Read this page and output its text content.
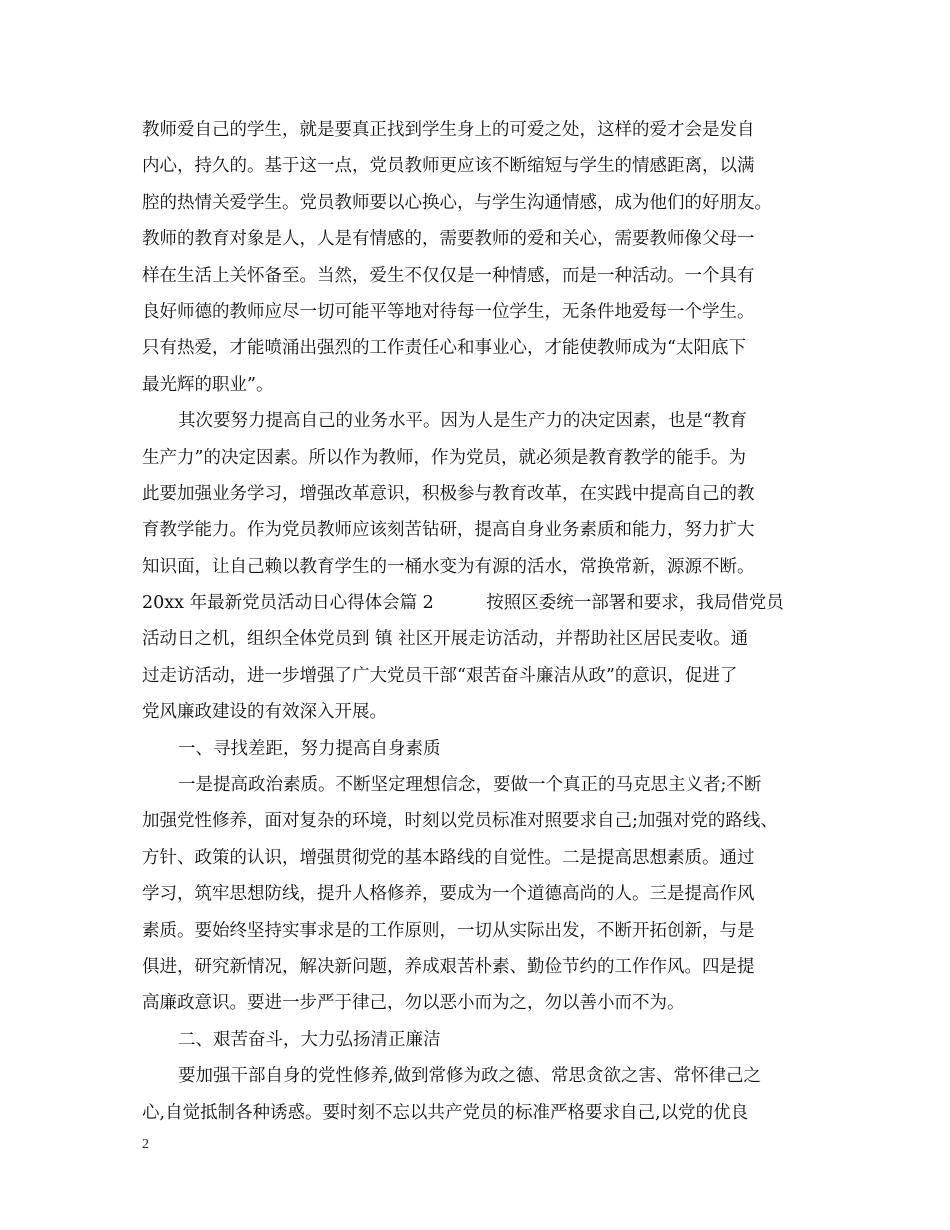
教师爱自己的学生，就是要真正找到学生身上的可爱之处，这样的爱才会是发自
内心，持久的。基于这一点，党员教师更应该不断缩短与学生的情感距离，以满
腔的热情关爱学生。党员教师要以心换心，与学生沟通情感，成为他们的好朋友。
教师的教育对象是人，人是有情感的，需要教师的爱和关心，需要教师像父母一
样在生活上关怀备至。当然，爱生不仅仅是一种情感，而是一种活动。一个具有
良好师德的教师应尽一切可能平等地对待每一位学生，无条件地爱每一个学生。
只有热爱，才能喷涌出强烈的工作责任心和事业心，才能使教师成为“太阳底下
最光辉的职业”。
其次要努力提高自己的业务水平。因为人是生产力的决定因素，也是“教育
生产力”的决定因素。所以作为教师，作为党员，就必须是教育教学的能手。为
此要加强业务学习，增强改革意识，积极参与教育改革，在实践中提高自己的教
育教学能力。作为党员教师应该刻苦钻研，提高自身业务素质和能力，努力扩大
知识面，让自己赖以教育学生的一桶水变为有源的活水，常换常新，源源不断。
20xx 年最新党员活动日心得体会篇 2　　　按照区委统一部署和要求，我局借党员
活动日之机，组织全体党员到 镇 社区开展走访活动，并帮助社区居民麦收。通
过走访活动，进一步增强了广大党员干部“艰苦奋斗廉洁从政”的意识，促进了
党风廉政建设的有效深入开展。
一、寻找差距，努力提高自身素质
一是提高政治素质。不断坚定理想信念，要做一个真正的马克思主义者;不断
加强党性修养，面对复杂的环境，时刻以党员标准对照要求自己;加强对党的路线、
方针、政策的认识，增强贯彻党的基本路线的自觉性。二是提高思想素质。通过
学习，筑牢思想防线，提升人格修养，要成为一个道德高尚的人。三是提高作风
素质。要始终坚持实事求是的工作原则，一切从实际出发，不断开拓创新，与是
俱进，研究新情况，解决新问题，养成艰苦朴素、勤俭节约的工作作风。四是提
高廉政意识。要进一步严于律己，勿以恶小而为之，勿以善小而不为。
二、艰苦奋斗，大力弘扬清正廉洁
要加强干部自身的党性修养,做到常修为政之德、常思贪欲之害、常怀律己之
心,自觉抵制各种诱惑。要时刻不忘以共产党员的标准严格要求自己,以党的优良
2
